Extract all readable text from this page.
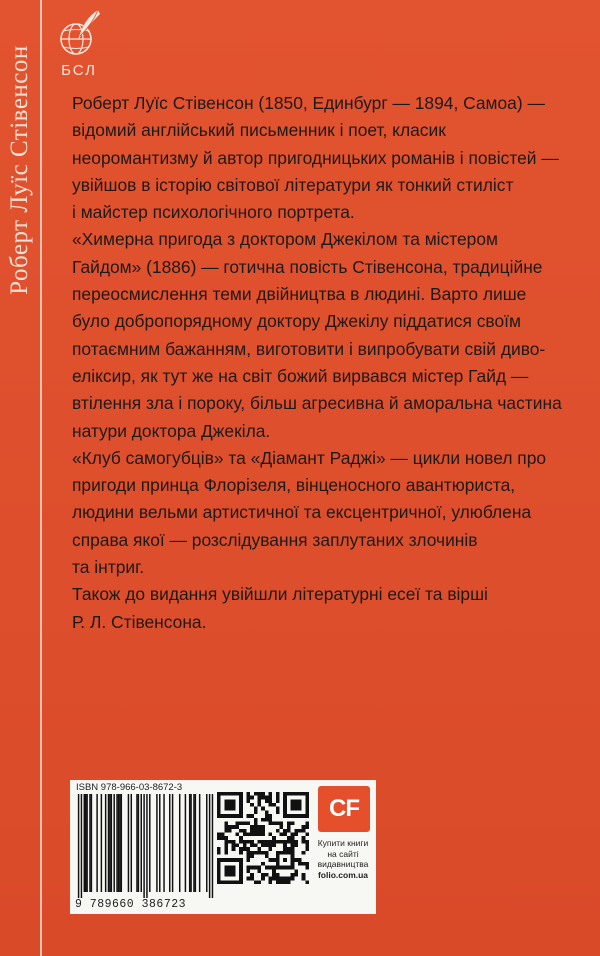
Роберт Луїс Стівенсон	БСЛ

Роберт Луїс Стівенсон (1850, Единбург — 1894, Самоа) —
відомий англійський письменник і поет, класик
неоромантизму й автор пригодницьких романів і повістей —
увійшов в історію світової літератури як тонкий стиліст
і майстер психологічного портрета.

«Химерна пригода з доктором Джекілом та містером
Гайдом» (1886) — готична повість Стівенсона, традиційне
переосмислення теми двійництва в людині. Варто лише
було добропорядному доктору Джекілу піддатися своїм
потаємним бажанням, виготовити і випробувати свій диво-
еліксир, як тут же на світ божий вирвався містер Гайд —
втілення зла і пороку, більш агресивна й аморальна частина
натури доктора Джекіла.

«Клуб самогубців» та «Діамант Раджі» — цикли новел про
пригоди принца Флорізеля, вінценосного авантюриста,
людини вельми артистичної та ексцентричної, улюблена
справа якої — розслідування заплутаних злочинів
та інтриг.

Також до видання увійшли літературні есеї та вірші
Р. Л. Стівенсона.

ISBN 978-966-03-8672-3
9 789660 386723
CF
Купити книги
на сайті
видавництва
folio.com.ua
